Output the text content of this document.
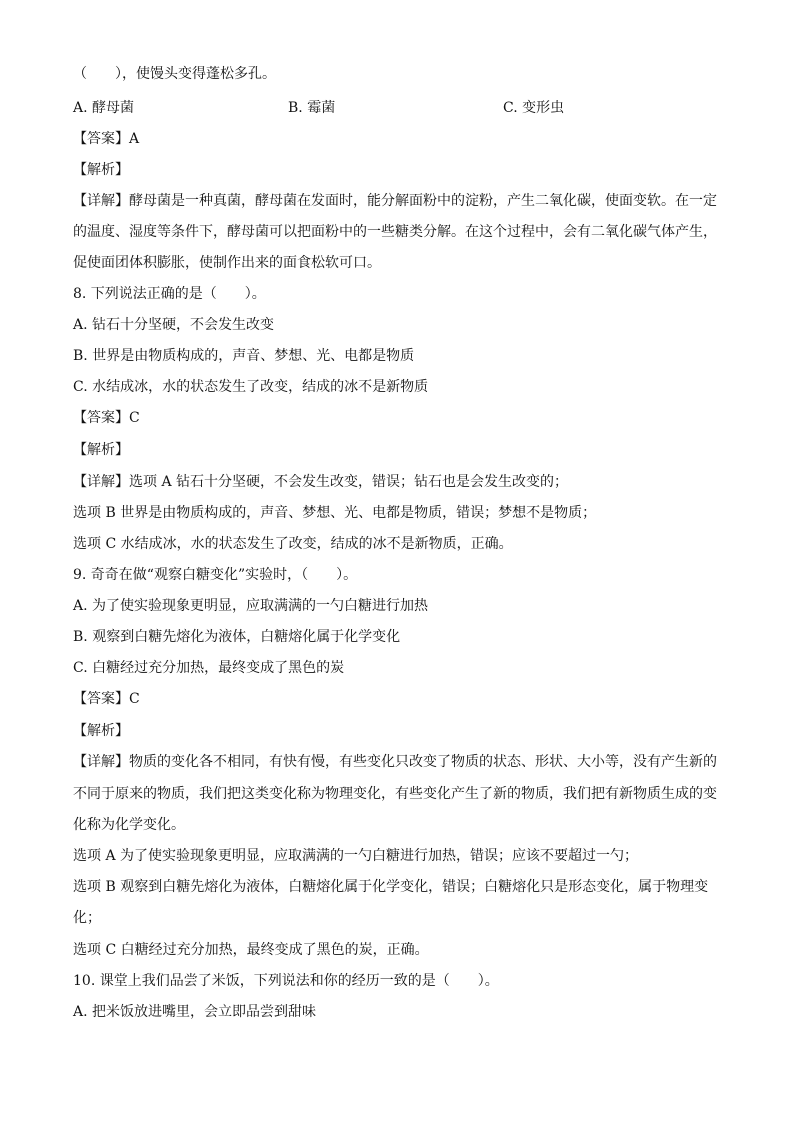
（　　），使馒头变得蓬松多孔。
A. 酵母菌	B. 霉菌	C. 变形虫
【答案】A
【解析】
【详解】酵母菌是一种真菌，酵母菌在发面时，能分解面粉中的淀粉，产生二氧化碳，使面变软。在一定
的温度、湿度等条件下，酵母菌可以把面粉中的一些糖类分解。在这个过程中，会有二氧化碳气体产生，
促使面团体积膨胀，使制作出来的面食松软可口。
8. 下列说法正确的是（　　）。
A. 钻石十分坚硬，不会发生改变
B. 世界是由物质构成的，声音、梦想、光、电都是物质
C. 水结成冰，水的状态发生了改变，结成的冰不是新物质
【答案】C
【解析】
【详解】选项 A 钻石十分坚硬，不会发生改变，错误；钻石也是会发生改变的；
选项 B 世界是由物质构成的，声音、梦想、光、电都是物质，错误；梦想不是物质；
选项 C 水结成冰，水的状态发生了改变，结成的冰不是新物质，正确。
9. 奇奇在做“观察白糖变化”实验时，（　　）。
A. 为了使实验现象更明显，应取满满的一勺白糖进行加热
B. 观察到白糖先熔化为液体，白糖熔化属于化学变化
C. 白糖经过充分加热，最终变成了黑色的炭
【答案】C
【解析】
【详解】物质的变化各不相同，有快有慢，有些变化只改变了物质的状态、形状、大小等，没有产生新的
不同于原来的物质，我们把这类变化称为物理变化，有些变化产生了新的物质，我们把有新物质生成的变
化称为化学变化。
选项 A 为了使实验现象更明显，应取满满的一勺白糖进行加热，错误；应该不要超过一勺；
选项 B 观察到白糖先熔化为液体，白糖熔化属于化学变化，错误；白糖熔化只是形态变化，属于物理变
化；
选项 C 白糖经过充分加热，最终变成了黑色的炭，正确。
10. 课堂上我们品尝了米饭，下列说法和你的经历一致的是（　　）。
A. 把米饭放进嘴里，会立即品尝到甜味
